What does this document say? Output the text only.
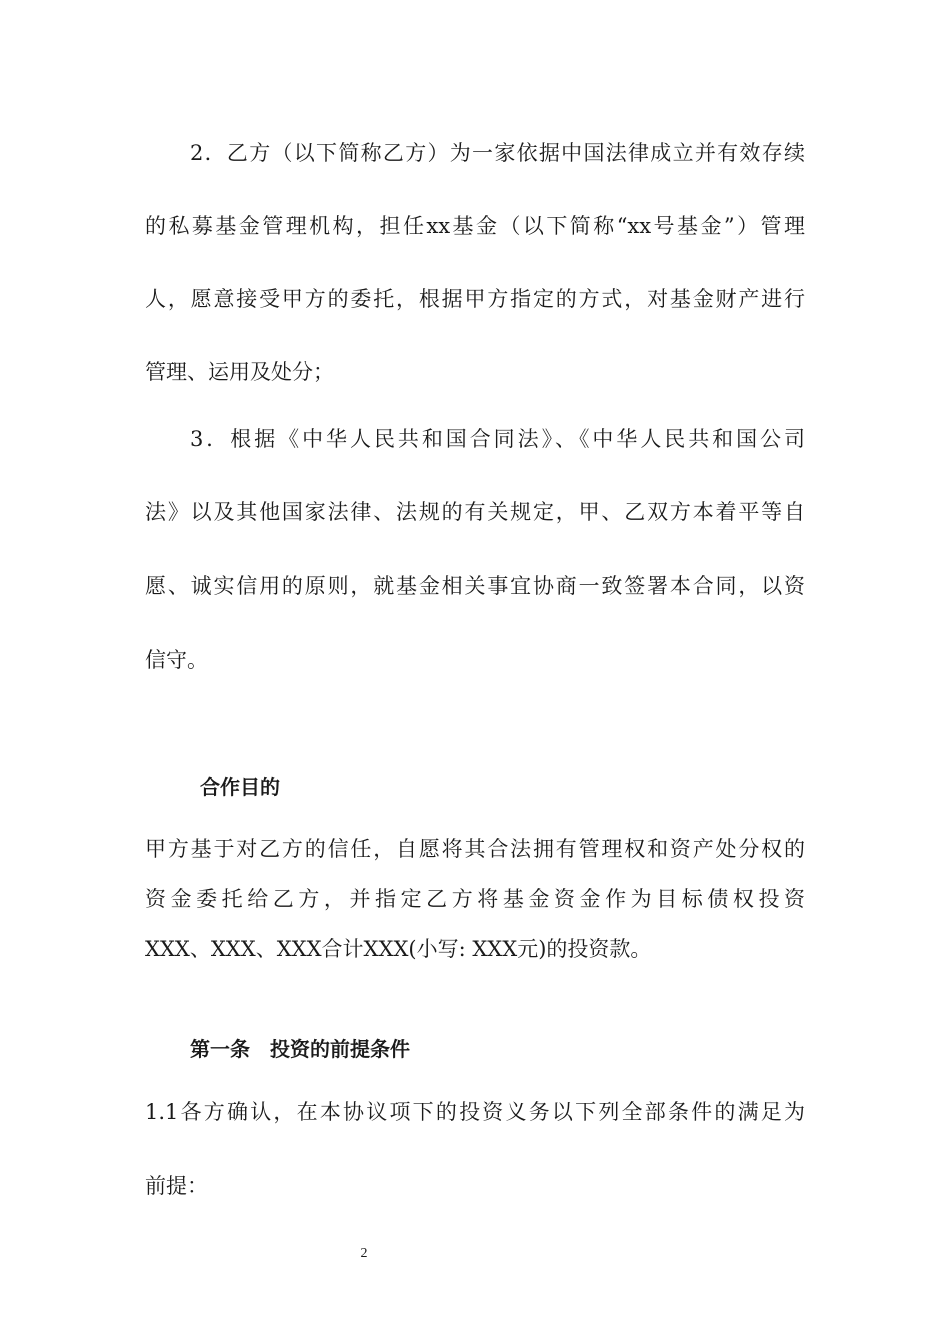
2．乙方（以下简称乙方）为一家依据中国法律成立并有效存续
的私募基金管理机构，担任xx基金（以下简称“xx号基金”）管理
人，愿意接受甲方的委托，根据甲方指定的方式，对基金财产进行
管理、运用及处分；
3．根据《中华人民共和国合同法》、《中华人民共和国公司
法》以及其他国家法律、法规的有关规定，甲、乙双方本着平等自
愿、诚实信用的原则，就基金相关事宜协商一致签署本合同，以资
信守。
合作目的
甲方基于对乙方的信任，自愿将其合法拥有管理权和资产处分权的
资金委托给乙方，并指定乙方将基金资金作为目标债权投资
XXX、XXX、XXX合计XXX(小写: XXX元)的投资款。
第一条　投资的前提条件
1.1各方确认，在本协议项下的投资义务以下列全部条件的满足为
前提：
2
